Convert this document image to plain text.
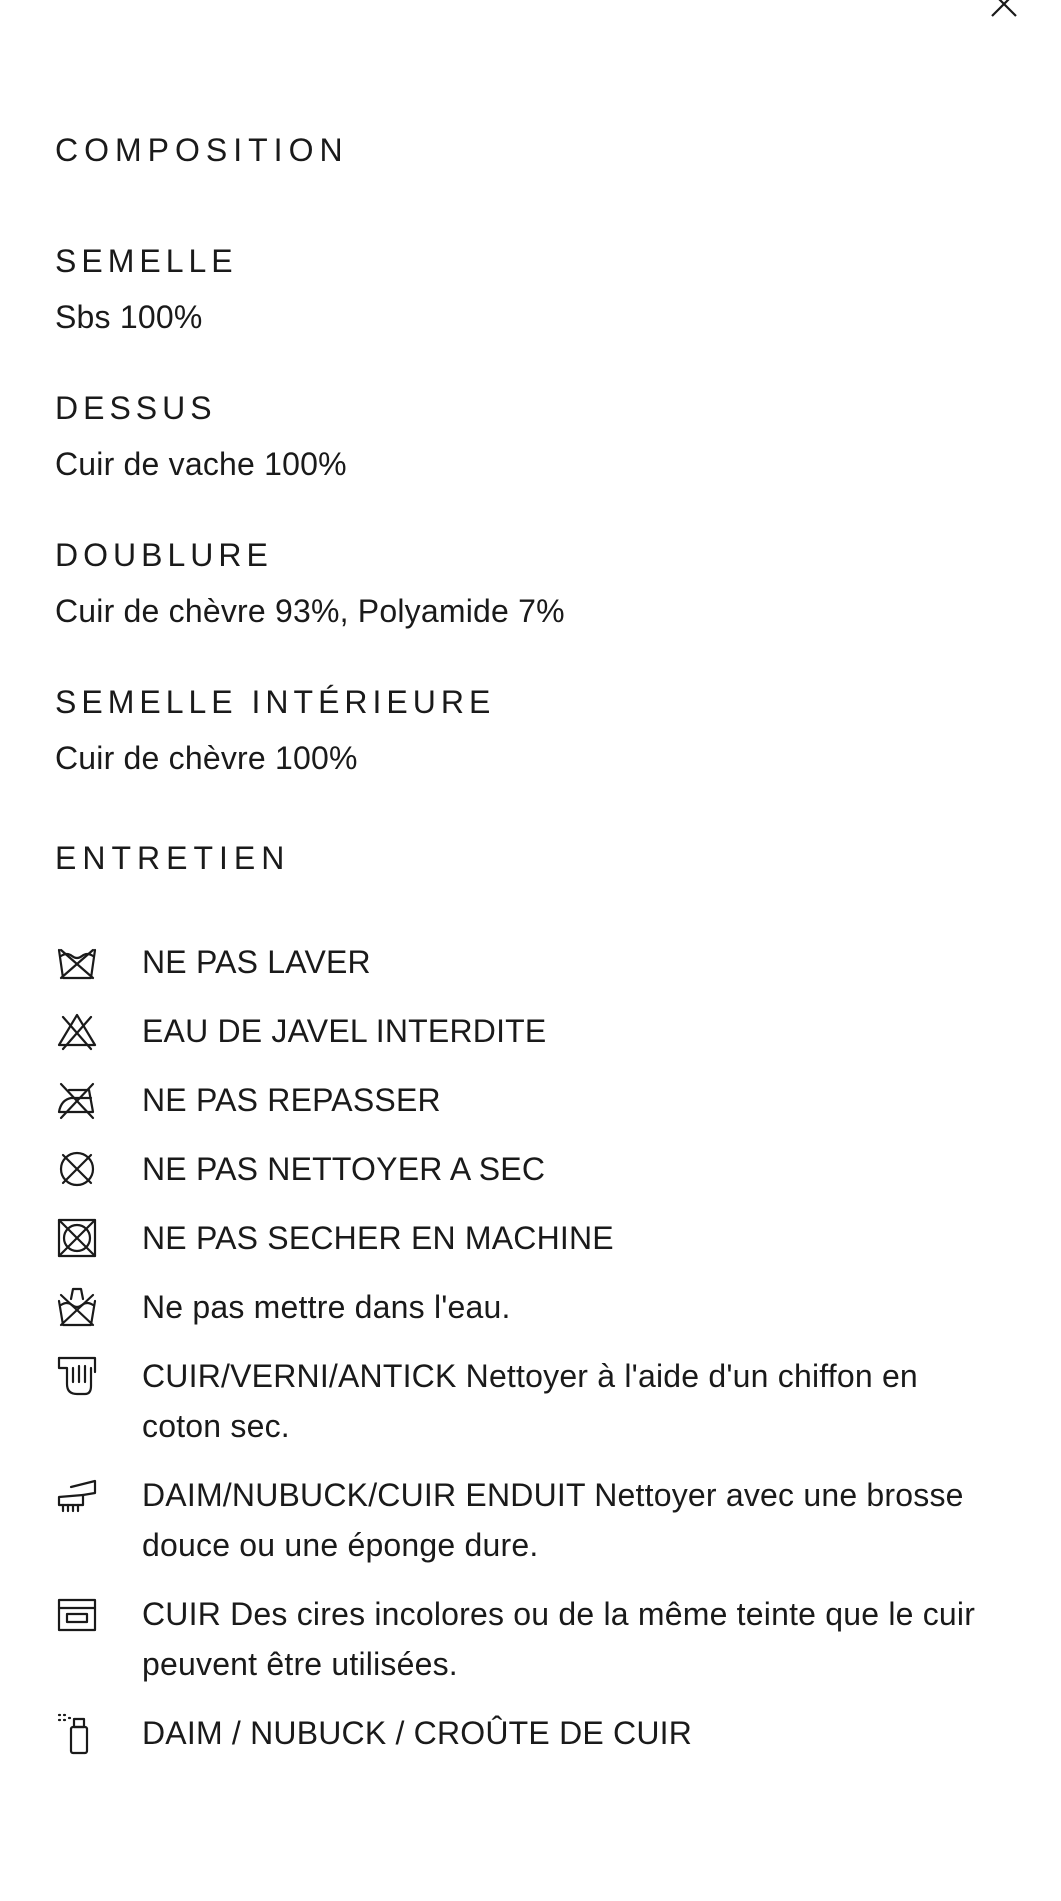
COMPOSITION

SEMELLE

Sbs 100%

DESSUS

Cuir de vache 100%

DOUBLURE

Cuir de chèvre 93%, Polyamide 7%

SEMELLE INTÉRIEURE

Cuir de chèvre 100%

ENTRETIEN
NE PAS LAVER
EAU DE JAVEL INTERDITE
NE PAS REPASSER
NE PAS NETTOYER A SEC
NE PAS SECHER EN MACHINE
Ne pas mettre dans l'eau.
CUIR/VERNI/ANTICK Nettoyer à l'aide d'un chiffon en coton sec.
DAIM/NUBUCK/CUIR ENDUIT Nettoyer avec une brosse douce ou une éponge dure.
CUIR Des cires incolores ou de la même teinte que le cuir peuvent être utilisées.
DAIM / NUBUCK / CROÛTE DE CUIR
